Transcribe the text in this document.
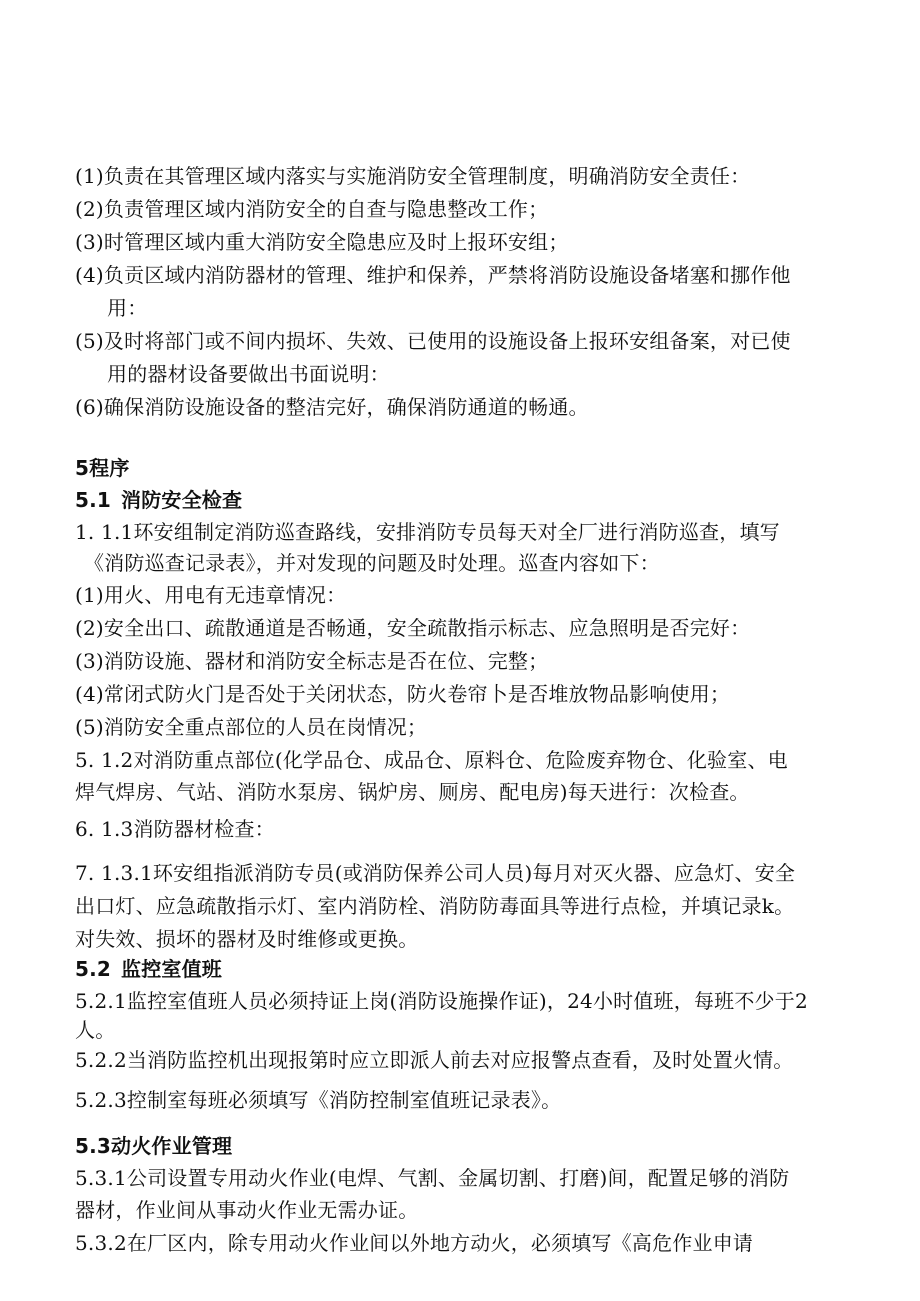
(1)负责在其管理区域内落实与实施消防安全管理制度，明确消防安全责任：
(2)负责管理区域内消防安全的自查与隐患整改工作；
(3)时管理区域内重大消防安全隐患应及时上报环安组；
(4)负贡区域内消防器材的管理、维护和保养，严禁将消防设施设备堵塞和挪作他
用：
(5)及时将部门或不间内损坏、失效、已使用的设施设备上报环安组备案，对已使
用的器材设备要做出书面说明：
(6)确保消防设施设备的整洁完好，确保消防通道的畅通。
5程序
5.1 消防安全检查
1. 1.1环安组制定消防巡查路线，安排消防专员每天对全厂进行消防巡查，填写
《消防巡查记录表》，并对发现的问题及时处理。巡查内容如下：
(1)用火、用电有无违章情况：
(2)安全出口、疏散通道是否畅通，安全疏散指示标志、应急照明是否完好：
(3)消防设施、器材和消防安全标志是否在位、完整；
(4)常闭式防火门是否处于关闭状态，防火卷帘卜是否堆放物品影响使用；
(5)消防安全重点部位的人员在岗情况；
5. 1.2对消防重点部位(化学品仓、成品仓、原料仓、危险废弃物仓、化验室、电
焊气焊房、气站、消防水泵房、锅炉房、厕房、配电房)每天进行：次检查。
6. 1.3消防器材检查：
7. 1.3.1环安组指派消防专员(或消防保养公司人员)每月对灭火器、应急灯、安全
出口灯、应急疏散指示灯、室内消防栓、消防防毒面具等进行点检，并填记录k。
对失效、损坏的器材及时维修或更换。
5.2 监控室值班
5.2.1监控室值班人员必须持证上岗(消防设施操作证)，24小时值班，每班不少于2
人。
5.2.2当消防监控机出现报第时应立即派人前去对应报警点查看，及时处置火情。
5.2.3控制室每班必须填写《消防控制室值班记录表》。
5.3动火作业管理
5.3.1公司设置专用动火作业(电焊、气割、金属切割、打磨)间，配置足够的消防
器材，作业间从事动火作业无需办证。
5.3.2在厂区内，除专用动火作业间以外地方动火，必须填写《高危作业申请
